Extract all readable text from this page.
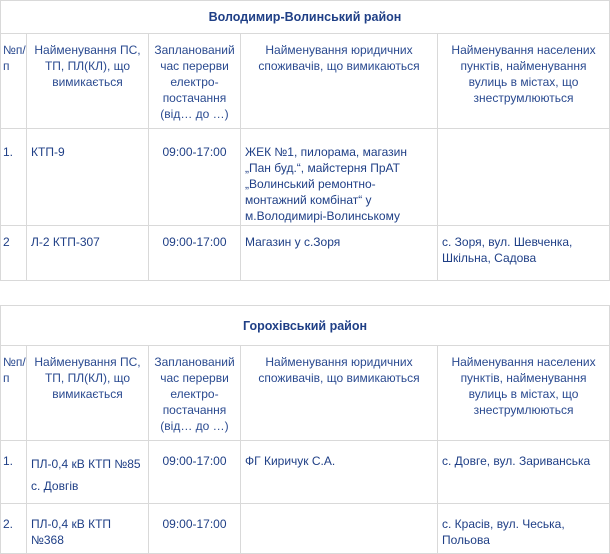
Володимир-Волинський район				

№п/п	Найменування ПС, ТП, ПЛ(КЛ), що вимикається	Запланований час перерви електро-постачання (від… до …)	Найменування юридичних споживачів, що вимикаються	Найменування населених пунктів, найменування вулиць в містах, що знеструмлюються

1.	КТП-9	09:00-17:00	ЖЕК №1, пилорама, магазин „Пан буд.“, майстерня ПрАТ „Волинський ремонтно-монтажний комбінат“ у м.Володимирі-Волинському	

2	Л-2 КТП-307	09:00-17:00	Магазин у с.Зоря	с. Зоря, вул. Шевченка, Шкільна, Садова
Горохівський район				

№п/п	Найменування ПС, ТП, ПЛ(КЛ), що вимикається	Запланований час перерви електро-постачання (від… до …)	Найменування юридичних споживачів, що вимикаються	Найменування населених пунктів, найменування вулиць в містах, що знеструмлюються

1.	ПЛ-0,4 кВ КТП №85 с. Довгів	09:00-17:00	ФГ Киричук С.А.	с. Довге, вул. Зариванська

2.	ПЛ-0,4 кВ КТП №368	09:00-17:00		с. Красів, вул. Чеська, Польова
